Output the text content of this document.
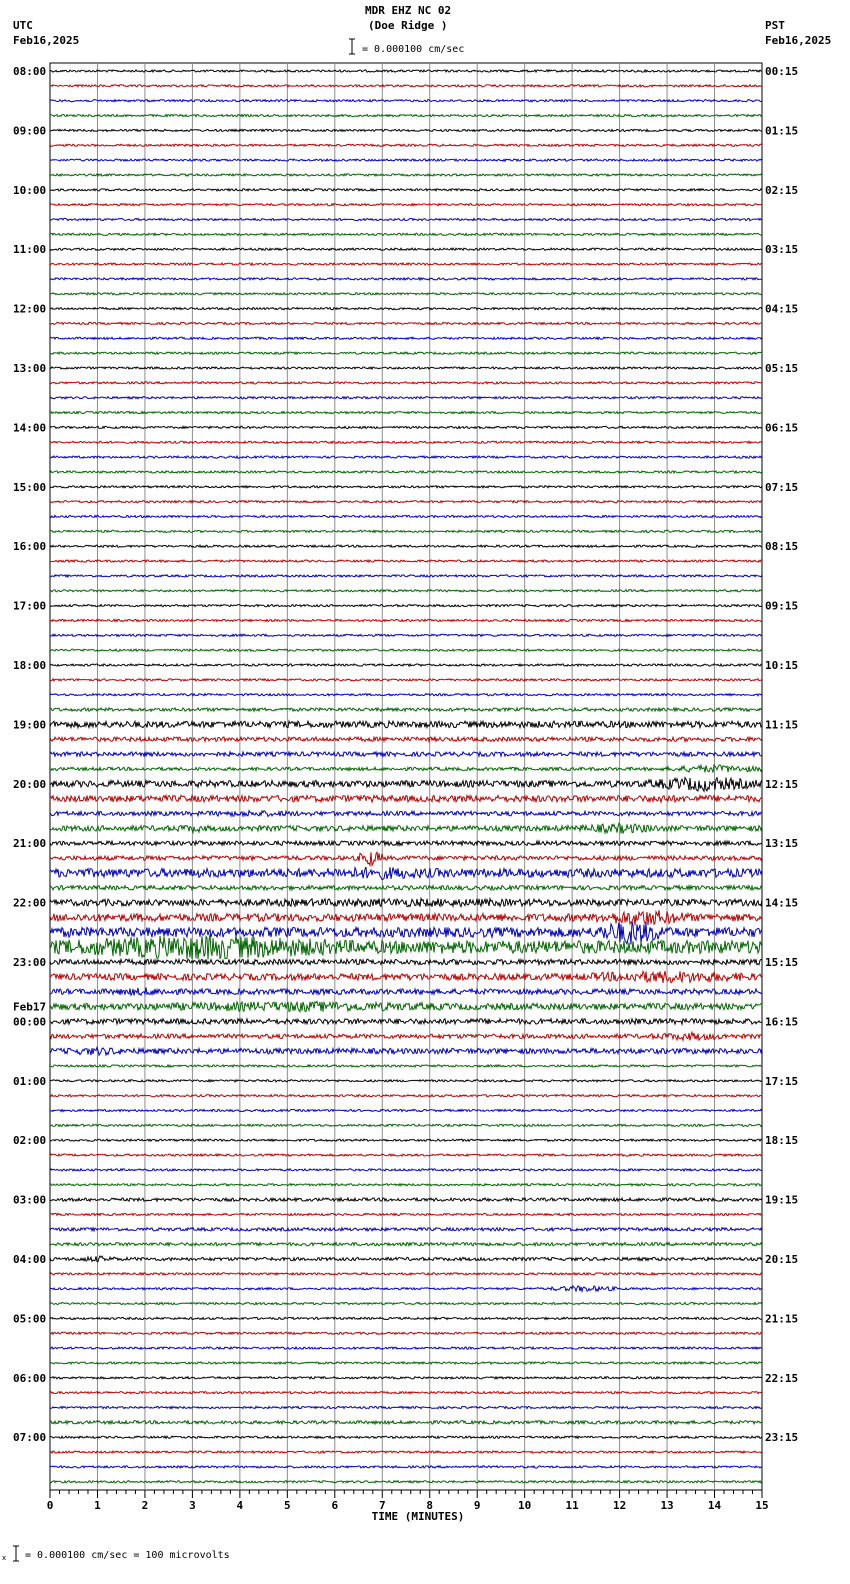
MDR EHZ NC 02
(Doe Ridge )
UTC
Feb16,2025
PST
Feb16,2025
= 0.000100 cm/sec
08:00
09:00
10:00
11:00
12:00
13:00
14:00
15:00
16:00
17:00
18:00
19:00
20:00
21:00
22:00
23:00
00:00
01:00
02:00
03:00
04:00
05:00
06:00
07:00
00:15
01:15
02:15
03:15
04:15
05:15
06:15
07:15
08:15
09:15
10:15
11:15
12:15
13:15
14:15
15:15
16:15
17:15
18:15
19:15
20:15
21:15
22:15
23:15
Feb17
0	1	2	3	4	5	6	7	8	9	10	11	12	13	14	15
TIME (MINUTES)
x = 0.000100 cm/sec = 100 microvolts
